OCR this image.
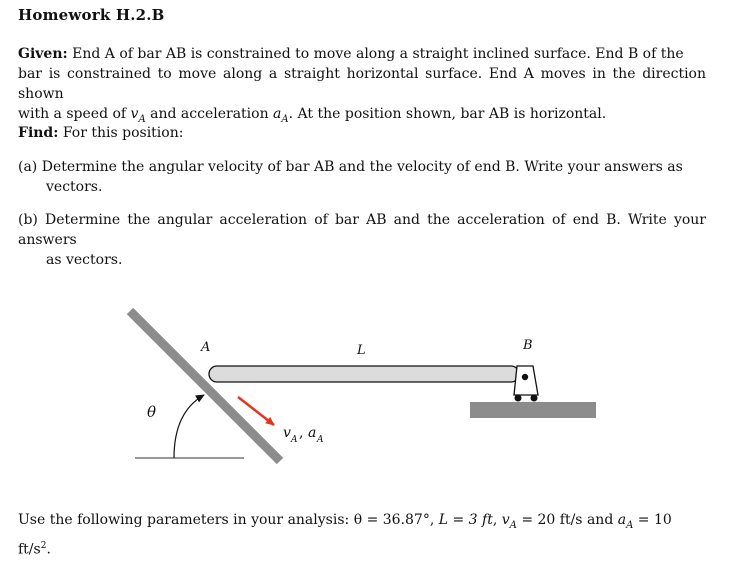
Homework H.2.B
Given: End A of bar AB is constrained to move along a straight inclined surface. End B of the
bar is constrained to move along a straight horizontal surface. End A moves in the direction shown
with a speed of $v_A$ and acceleration $a_A$. At the position shown, bar AB is horizontal.
Find: For this position:
(a) Determine the angular velocity of bar AB and the velocity of end B. Write your answers as
vectors.
(b) Determine the angular acceleration of bar AB and the acceleration of end B. Write your answers
as vectors.
A	L	B
θ
v A , a A
Use the following parameters in your analysis: θ = 36.87°, L = 3 ft, $v_A = 20$ ft/s and $a_A = 10$
$ft/s^2$.
